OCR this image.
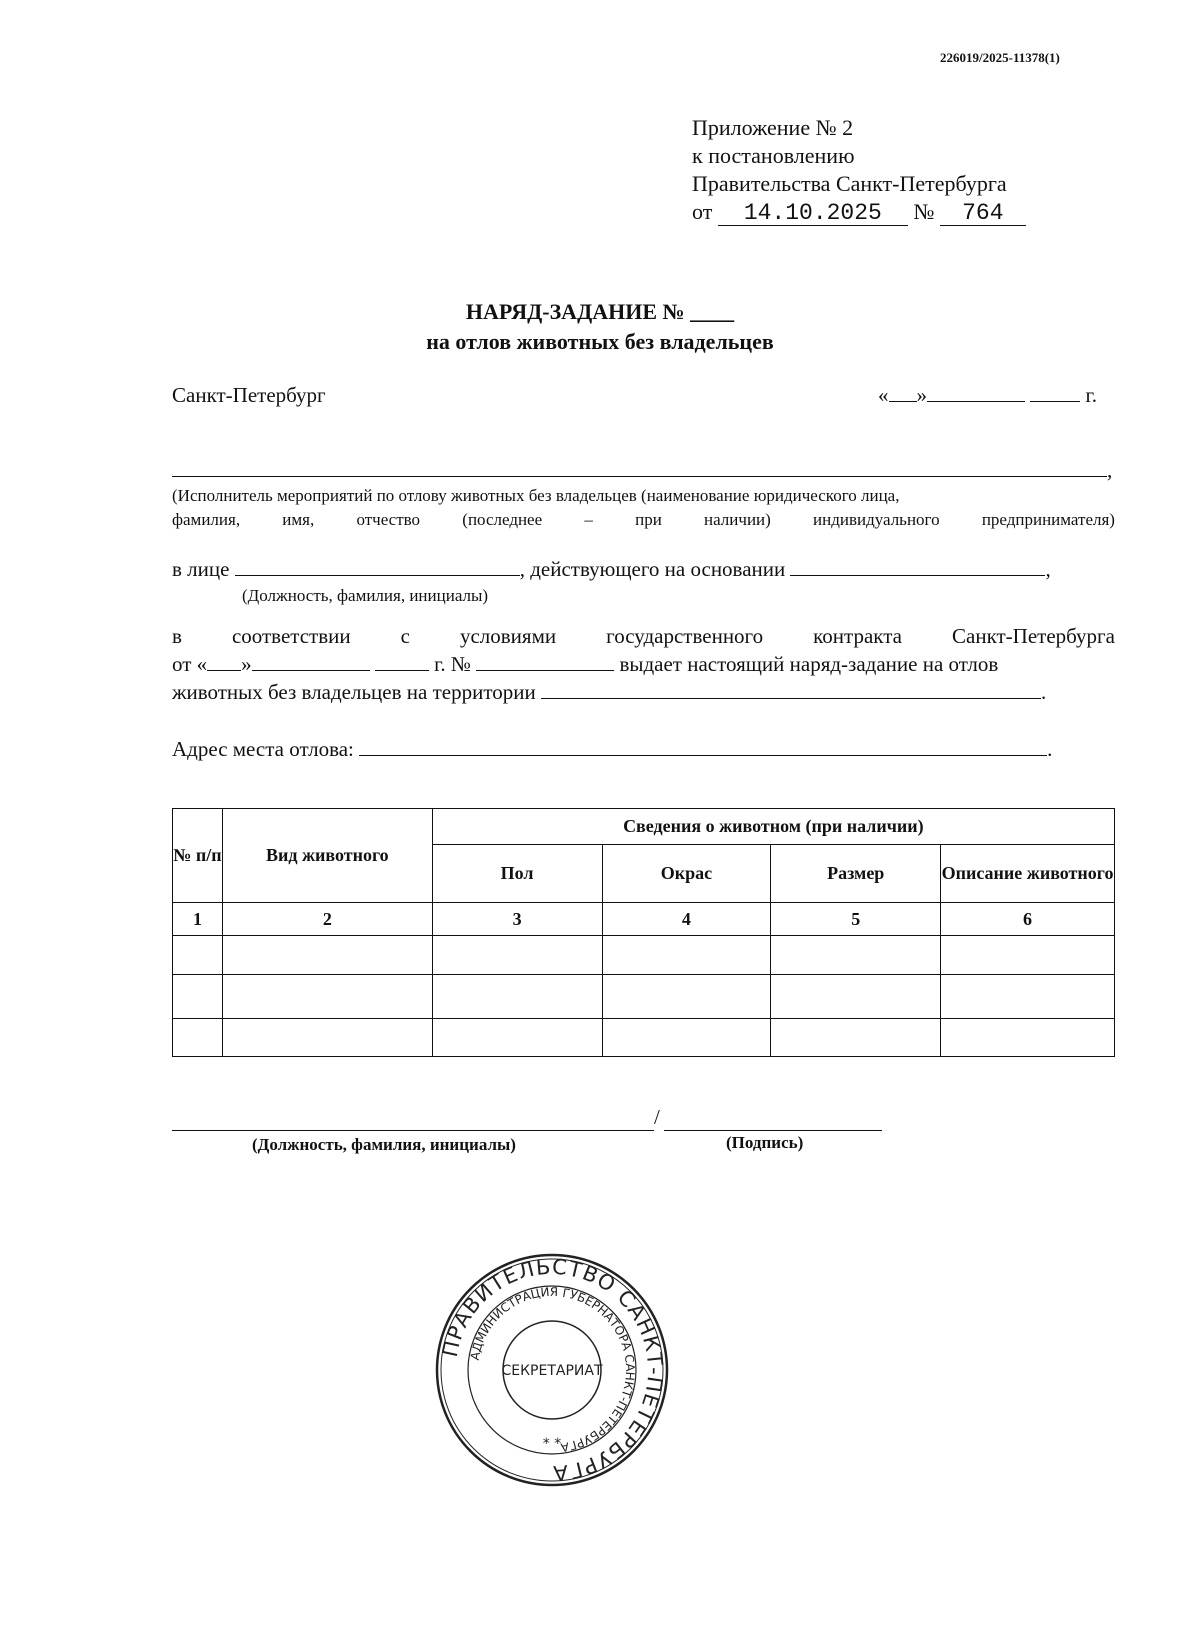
226019/2025-11378(1)
Приложение № 2
к постановлению
Правительства Санкт-Петербурга
от 14.10.2025 № 764
НАРЯД-ЗАДАНИЕ № ____
на отлов животных без владельцев
Санкт-Петербург	« »	г.
,
(Исполнитель мероприятий по отлову животных без владельцев (наименование юридического лица,
фамилия, имя, отчество (последнее – при наличии) индивидуального предпринимателя)
в лице	, действующего на основании	,
(Должность, фамилия, инициалы)
в соответствии с условиями государственного контракта Санкт-Петербурга
от « »	г. №	выдает настоящий наряд-задание на отлов
животных без владельцев на территории	.
Адрес места отлова:	.
№ п/п	Вид животного	Сведения о животном (при наличии)			
		Пол	Окрас	Размер	Описание животного
1	2	3	4	5	6

/
(Должность, фамилия, инициалы)	(Подпись)
ПРАВИТЕЛЬСТВО САНКТ-ПЕТЕРБУРГА
АДМИНИСТРАЦИЯ ГУБЕРНАТОРА САНКТ-ПЕТЕРБУРГА
СЕКРЕТАРИАТ
* *
